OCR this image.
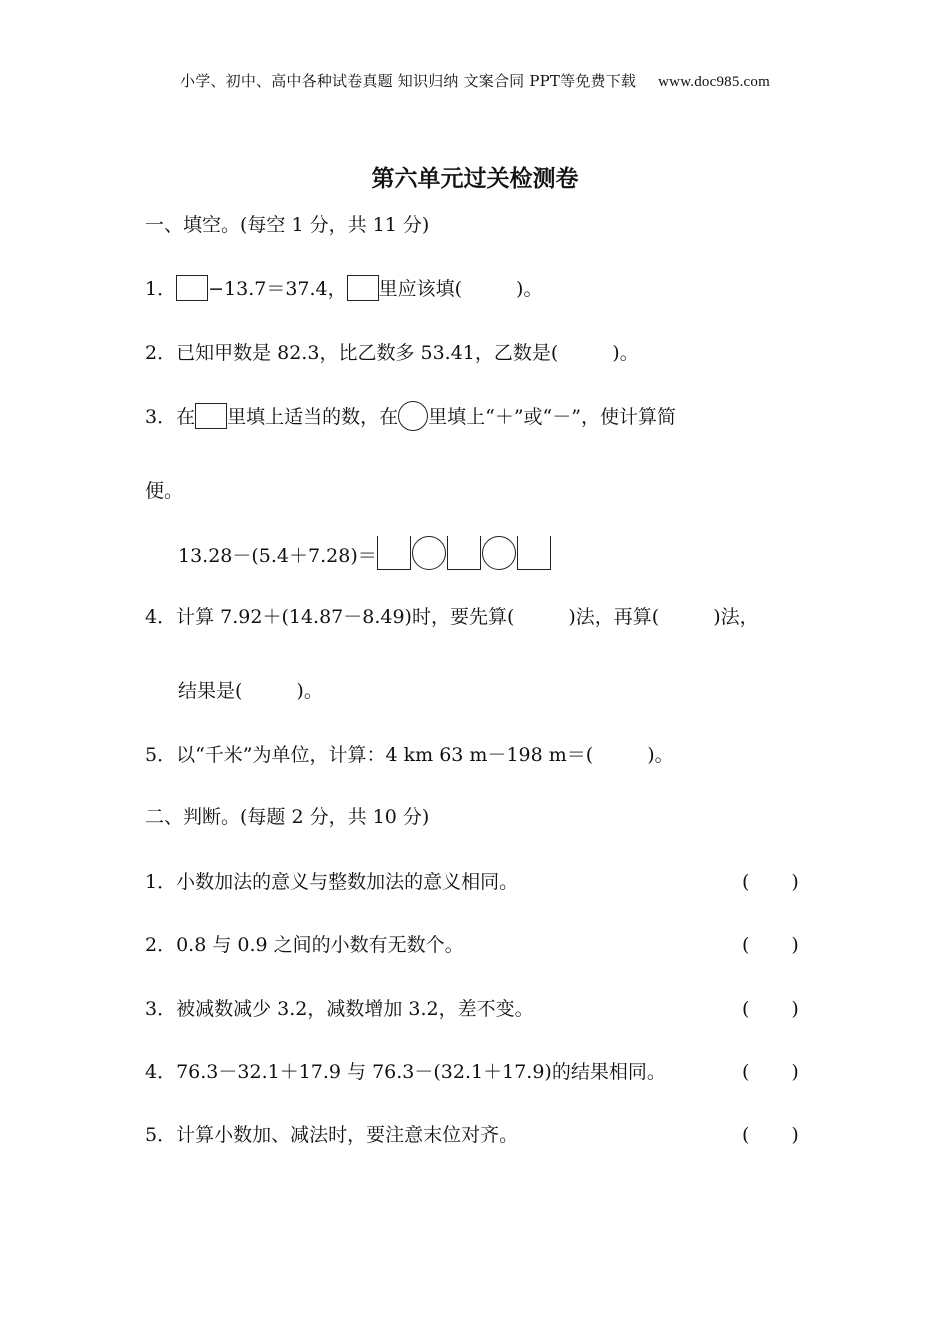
小学、初中、高中各种试卷真题 知识归纳 文案合同 PPT等免费下载 www.doc985.com
第六单元过关检测卷
一、填空。(每空 1 分，共 11 分)
1． −13.7＝37.4， 里应该填(	)。
2．已知甲数是 82.3，比乙数多 53.41，乙数是(	)。
3．在 里填上适当的数，在 里填上“＋”或“－”，使计算简
便。
13.28－(5.4＋7.28)＝
4．计算 7.92＋(14.87－8.49)时，要先算(	)法，再算(	)法，
结果是(	)。
5．以“千米”为单位，计算：4 km 63 m－198 m＝(	)。
二、判断。(每题 2 分，共 10 分)
1．小数加法的意义与整数加法的意义相同。	( )
2．0.8 与 0.9 之间的小数有无数个。	( )
3．被减数减少 3.2，减数增加 3.2，差不变。	( )
4．76.3－32.1＋17.9 与 76.3－(32.1＋17.9)的结果相同。	( )
5．计算小数加、减法时，要注意末位对齐。	( )
